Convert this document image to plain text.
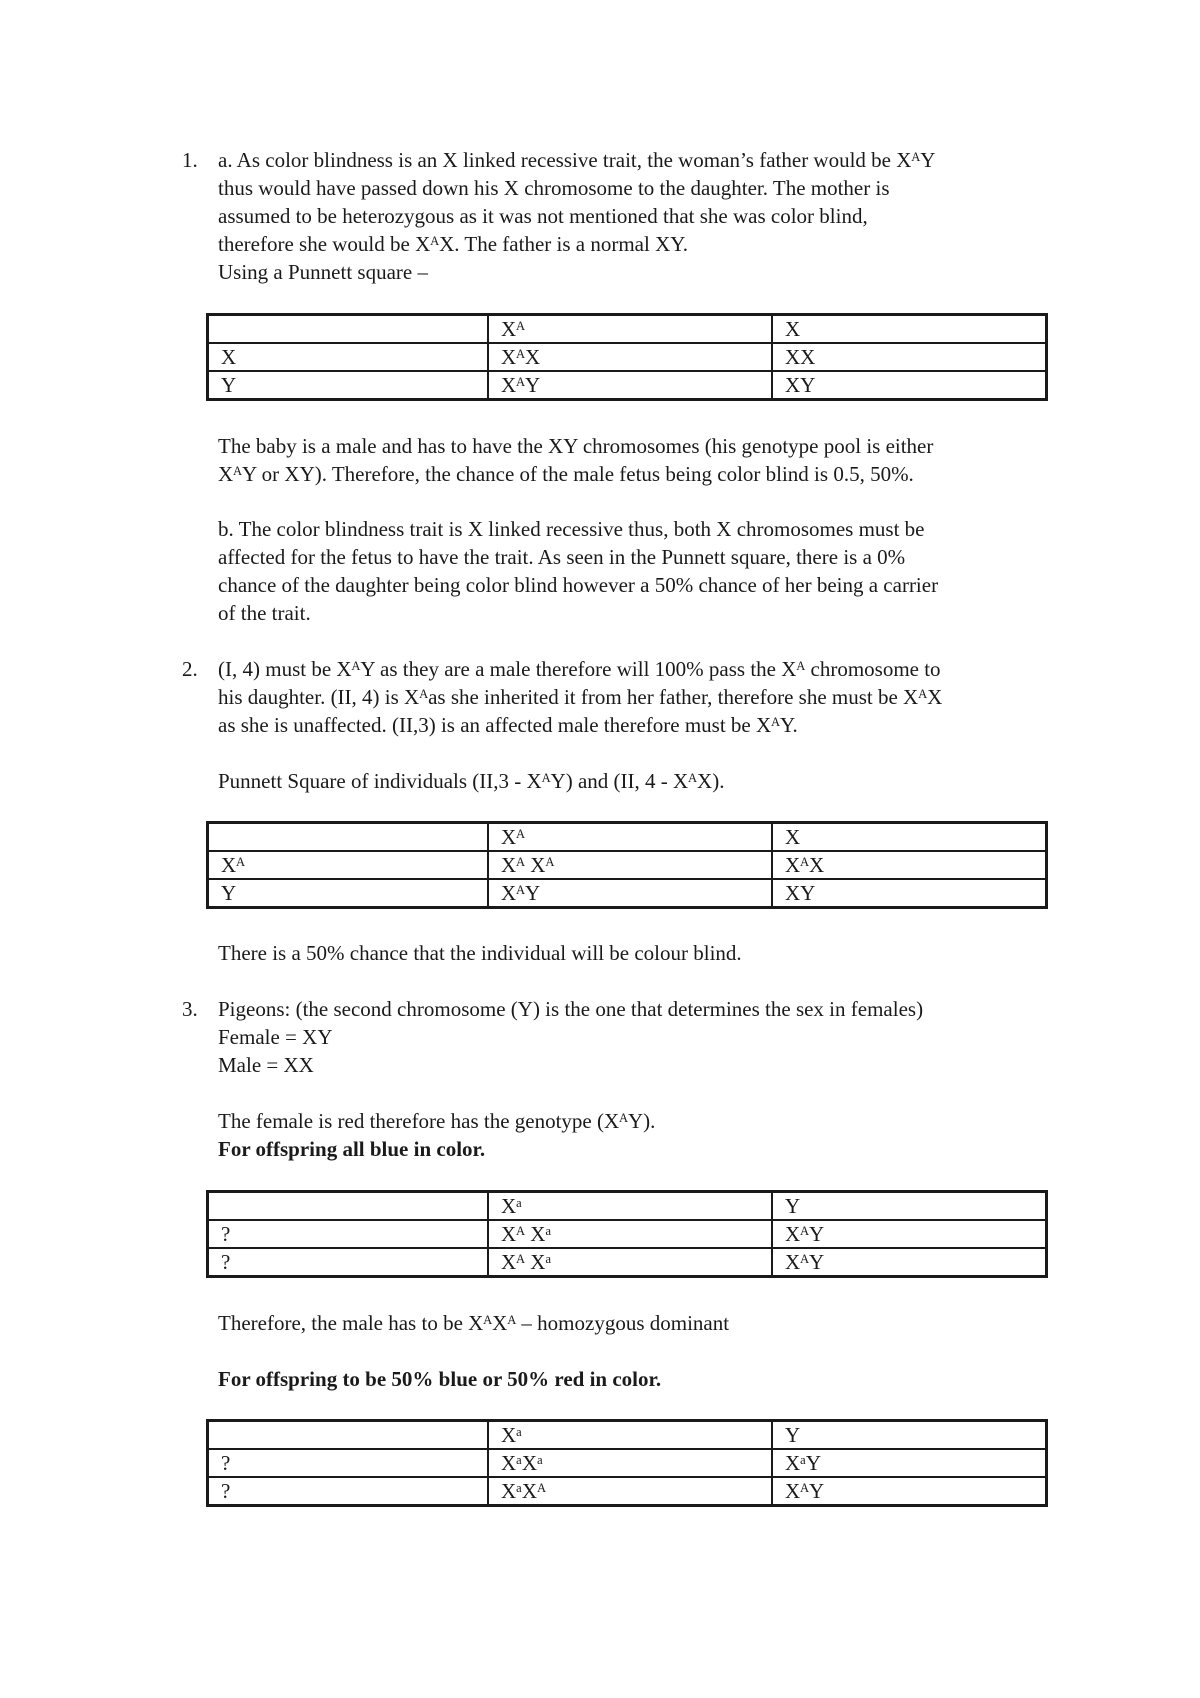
1. a. As color blindness is an X linked recessive trait, the woman’s father would be XᴬY
thus would have passed down his X chromosome to the daughter. The mother is
assumed to be heterozygous as it was not mentioned that she was color blind,
therefore she would be XᴬX. The father is a normal XY.
Using a Punnett square –
	Xᴬ	X
X	XᴬX	XX
Y	XᴬY	XY
The baby is a male and has to have the XY chromosomes (his genotype pool is either
XᴬY or XY). Therefore, the chance of the male fetus being color blind is 0.5, 50%.
b. The color blindness trait is X linked recessive thus, both X chromosomes must be
affected for the fetus to have the trait. As seen in the Punnett square, there is a 0%
chance of the daughter being color blind however a 50% chance of her being a carrier
of the trait.
2. (I, 4) must be XᴬY as they are a male therefore will 100% pass the Xᴬ chromosome to
his daughter. (II, 4) is Xᴬas she inherited it from her father, therefore she must be XᴬX
as she is unaffected. (II,3) is an affected male therefore must be XᴬY.
Punnett Square of individuals (II,3 - XᴬY) and (II, 4 - XᴬX).
	Xᴬ	X
Xᴬ	Xᴬ Xᴬ	XᴬX
Y	XᴬY	XY
There is a 50% chance that the individual will be colour blind.
3. Pigeons: (the second chromosome (Y) is the one that determines the sex in females)
Female = XY
Male = XX
The female is red therefore has the genotype (XᴬY).
For offspring all blue in color.
	Xᵃ	Y
?	Xᴬ Xᵃ	XᴬY
?	Xᴬ Xᵃ	XᴬY
Therefore, the male has to be XᴬXᴬ – homozygous dominant
For offspring to be 50% blue or 50% red in color.
	Xᵃ	Y
?	XᵃXᵃ	XᵃY
?	XᵃXᴬ	XᴬY
